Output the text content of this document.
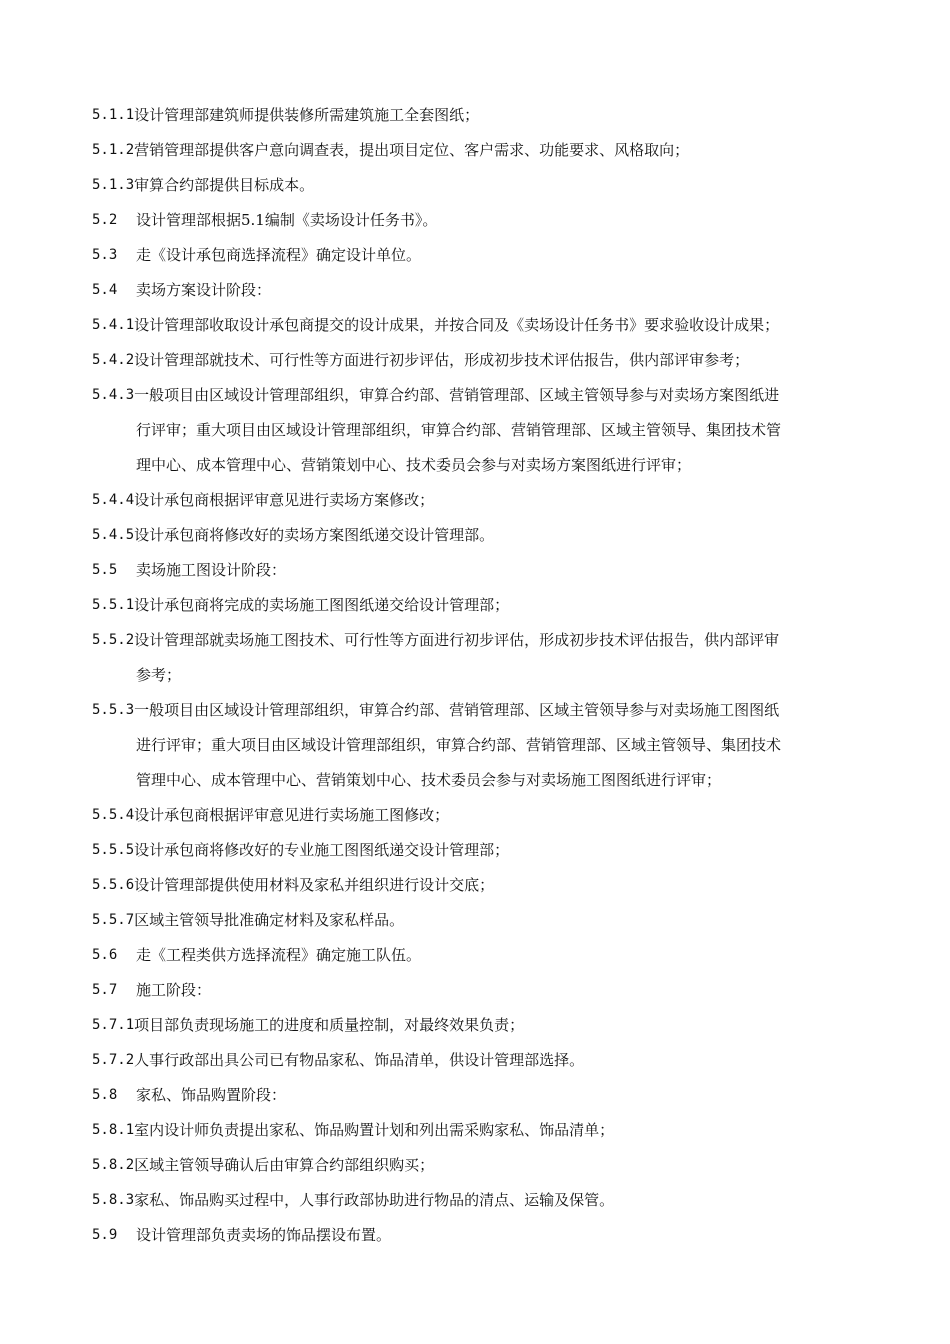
5.1.1 设计管理部建筑师提供装修所需建筑施工全套图纸；
5.1.2 营销管理部提供客户意向调查表，提出项目定位、客户需求、功能要求、风格取向；
5.1.3 审算合约部提供目标成本。
5.2	设计管理部根据5.1编制《卖场设计任务书》。
5.3	走《设计承包商选择流程》确定设计单位。
5.4	卖场方案设计阶段：
5.4.1 设计管理部收取设计承包商提交的设计成果，并按合同及《卖场设计任务书》要求验收设计成果；
5.4.2 设计管理部就技术、可行性等方面进行初步评估，形成初步技术评估报告，供内部评审参考；
5.4.3 一般项目由区域设计管理部组织，审算合约部、营销管理部、区域主管领导参与对卖场方案图纸进
行评审；重大项目由区域设计管理部组织，审算合约部、营销管理部、区域主管领导、集团技术管
理中心、成本管理中心、营销策划中心、技术委员会参与对卖场方案图纸进行评审；
5.4.4 设计承包商根据评审意见进行卖场方案修改；
5.4.5 设计承包商将修改好的卖场方案图纸递交设计管理部。
5.5	卖场施工图设计阶段：
5.5.1 设计承包商将完成的卖场施工图图纸递交给设计管理部；
5.5.2 设计管理部就卖场施工图技术、可行性等方面进行初步评估，形成初步技术评估报告，供内部评审
参考；
5.5.3 一般项目由区域设计管理部组织，审算合约部、营销管理部、区域主管领导参与对卖场施工图图纸
进行评审；重大项目由区域设计管理部组织，审算合约部、营销管理部、区域主管领导、集团技术
管理中心、成本管理中心、营销策划中心、技术委员会参与对卖场施工图图纸进行评审；
5.5.4 设计承包商根据评审意见进行卖场施工图修改；
5.5.5 设计承包商将修改好的专业施工图图纸递交设计管理部；
5.5.6 设计管理部提供使用材料及家私并组织进行设计交底；
5.5.7 区域主管领导批准确定材料及家私样品。
5.6	走《工程类供方选择流程》确定施工队伍。
5.7	施工阶段：
5.7.1 项目部负责现场施工的进度和质量控制，对最终效果负责；
5.7.2 人事行政部出具公司已有物品家私、饰品清单，供设计管理部选择。
5.8	家私、饰品购置阶段：
5.8.1 室内设计师负责提出家私、饰品购置计划和列出需采购家私、饰品清单；
5.8.2 区域主管领导确认后由审算合约部组织购买；
5.8.3 家私、饰品购买过程中，人事行政部协助进行物品的清点、运输及保管。
5.9	设计管理部负责卖场的饰品摆设布置。
